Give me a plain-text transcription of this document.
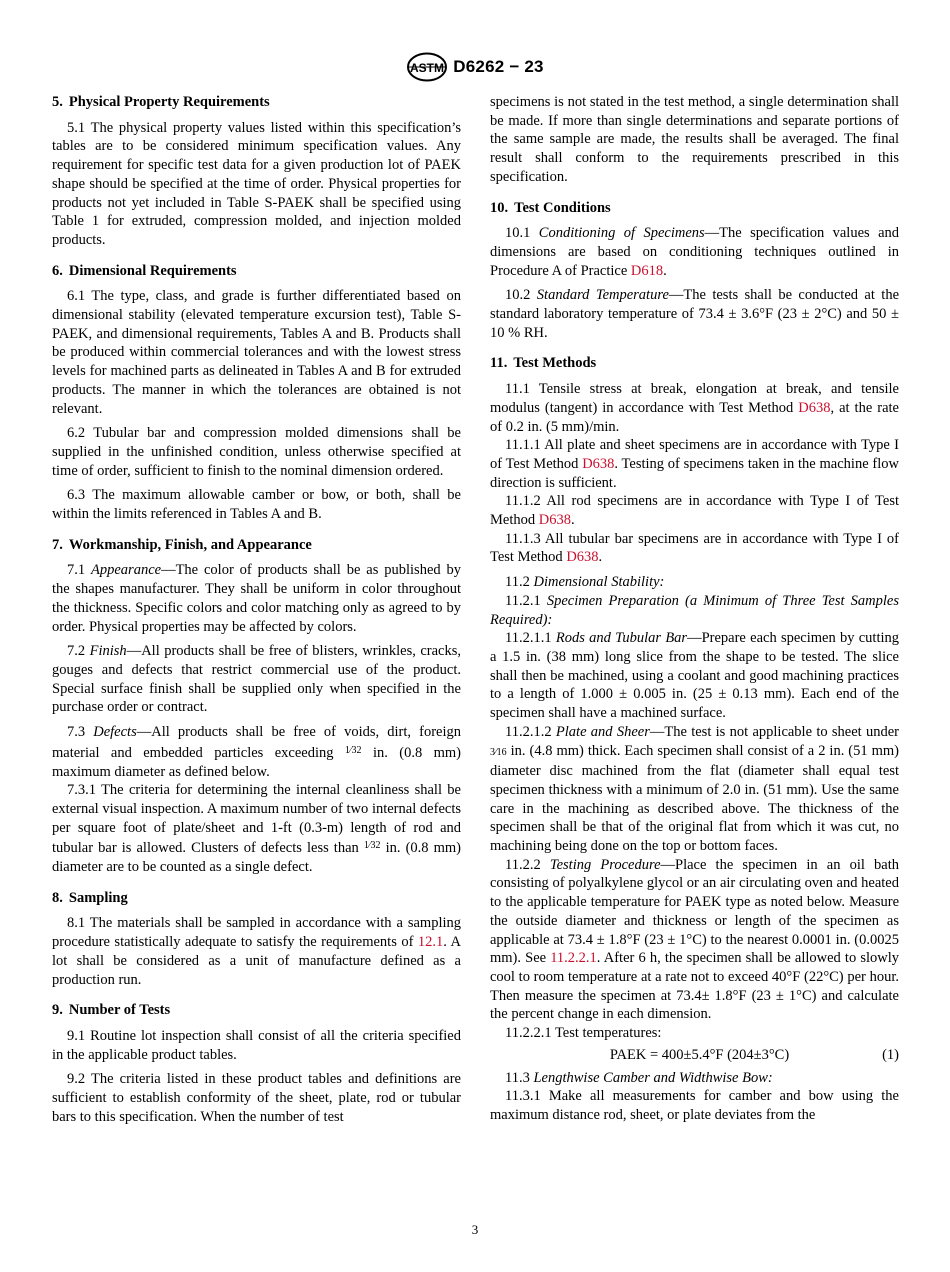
ASTM D6262 − 23
5. Physical Property Requirements

5.1 The physical property values listed within this specification’s tables are to be considered minimum specification values. Any requirement for specific test data for a given production lot of PAEK shape should be specified at the time of order. Physical properties for products not yet included in Table S-PAEK shall be specified using Table 1 for extruded, compression molded, and injection molded products.

6. Dimensional Requirements

6.1 The type, class, and grade is further differentiated based on dimensional stability (elevated temperature excursion test), Table S-PAEK, and dimensional requirements, Tables A and B. Products shall be produced within commercial tolerances and with the lowest stress levels for machined parts as delineated in Tables A and B for extruded products. The manner in which the tolerances are obtained is not relevant.

6.2 Tubular bar and compression molded dimensions shall be supplied in the unfinished condition, unless otherwise specified at time of order, sufficient to finish to the nominal dimension ordered.

6.3 The maximum allowable camber or bow, or both, shall be within the limits referenced in Tables A and B.

7. Workmanship, Finish, and Appearance

7.1 Appearance—The color of products shall be as published by the shapes manufacturer. They shall be uniform in color throughout the thickness. Specific colors and color matching only as agreed to by order. Physical properties may be affected by colors.

7.2 Finish—All products shall be free of blisters, wrinkles, cracks, gouges and defects that restrict commercial use of the product. Special surface finish shall be supplied only when specified in the purchase order or contract.

7.3 Defects—All products shall be free of voids, dirt, foreign material and embedded particles exceeding $^{1⁄32}$ in. (0.8 mm) maximum diameter as defined below.

7.3.1 The criteria for determining the internal cleanliness shall be external visual inspection. A maximum number of two internal defects per square foot of plate/sheet and 1-ft (0.3-m) length of rod and tubular bar is allowed. Clusters of defects less than $^{1⁄32}$ in. (0.8 mm) diameter are to be counted as a single defect.

8. Sampling

8.1 The materials shall be sampled in accordance with a sampling procedure statistically adequate to satisfy the requirements of 12.1. A lot shall be considered as a unit of manufacture defined as a production run.

9. Number of Tests

9.1 Routine lot inspection shall consist of all the criteria specified in the applicable product tables.

9.2 The criteria listed in these product tables and definitions are sufficient to establish conformity of the sheet, plate, rod or tubular bars to this specification. When the number of test

specimens is not stated in the test method, a single determination shall be made. If more than single determinations and separate portions of the same sample are made, the results shall be averaged. The final result shall conform to the requirements prescribed in this specification.

10. Test Conditions

10.1 Conditioning of Specimens—The specification values and dimensions are based on conditioning techniques outlined in Procedure A of Practice D618.

10.2 Standard Temperature—The tests shall be conducted at the standard laboratory temperature of 73.4 ± 3.6°F (23 ± 2°C) and 50 ± 10 % RH.

11. Test Methods

11.1 Tensile stress at break, elongation at break, and tensile modulus (tangent) in accordance with Test Method D638, at the rate of 0.2 in. (5 mm)/min.

11.1.1 All plate and sheet specimens are in accordance with Type I of Test Method D638. Testing of specimens taken in the machine flow direction is sufficient.

11.1.2 All rod specimens are in accordance with Type I of Test Method D638.

11.1.3 All tubular bar specimens are in accordance with Type I of Test Method D638.

11.2 Dimensional Stability:

11.2.1 Specimen Preparation (a Minimum of Three Test Samples Required):

11.2.1.1 Rods and Tubular Bar—Prepare each specimen by cutting a 1.5 in. (38 mm) long slice from the shape to be tested. The slice shall then be machined, using a coolant and good machining practices to a length of 1.000 ± 0.005 in. (25 ± 0.13 mm). Each end of the specimen shall have a machined surface.

11.2.1.2 Plate and Sheer—The test is not applicable to sheet under 3⁄16 in. (4.8 mm) thick. Each specimen shall consist of a 2 in. (51 mm) diameter disc machined from the flat (diameter shall equal test specimen thickness with a minimum of 2.0 in. (51 mm). Use the same care in the machining as described above. The thickness of the specimen shall be that of the original flat from which it was cut, no machining being done on the top or bottom faces.

11.2.2 Testing Procedure—Place the specimen in an oil bath consisting of polyalkylene glycol or an air circulating oven and heated to the applicable temperature for PAEK type as noted below. Measure the outside diameter and thickness or length of the specimen as applicable at 73.4 ± 1.8°F (23 ± 1°C) to the nearest 0.0001 in. (0.0025 mm). See 11.2.2.1. After 6 h, the specimen shall be allowed to slowly cool to room temperature at a rate not to exceed 40°F (22°C) per hour. Then measure the specimen at 73.4± 1.8°F (23 ± 1°C) and calculate the percent change in each dimension.

11.2.2.1 Test temperatures:

PAEK = 400±5.4°F (204±3°C)	(1)

11.3 Lengthwise Camber and Widthwise Bow:

11.3.1 Make all measurements for camber and bow using the maximum distance rod, sheet, or plate deviates from the

3
